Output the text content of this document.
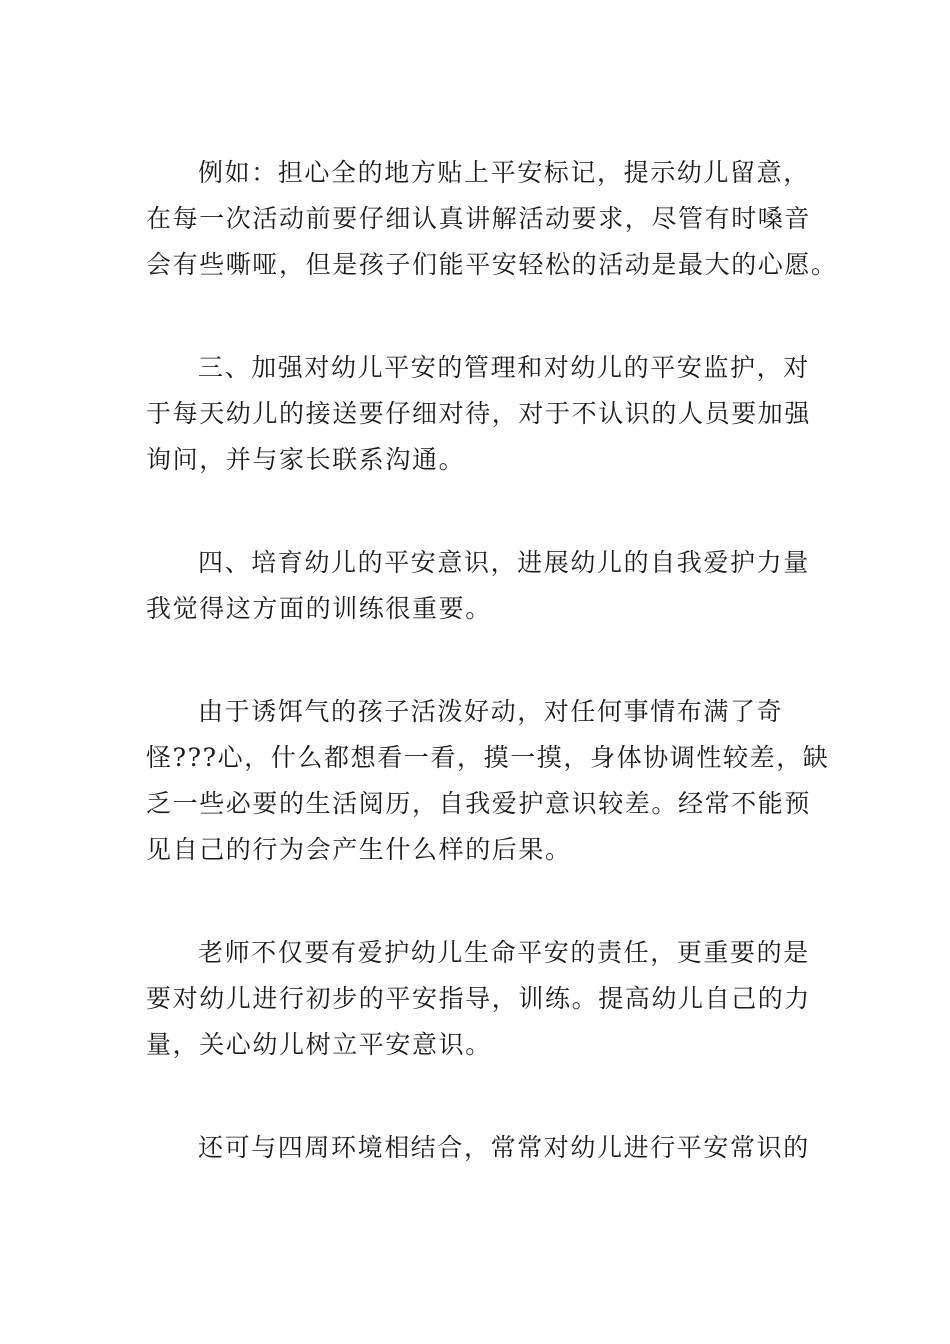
例如：担心全的地方贴上平安标记，提示幼儿留意，
在每一次活动前要仔细认真讲解活动要求，尽管有时嗓音
会有些嘶哑，但是孩子们能平安轻松的活动是最大的心愿。

三、加强对幼儿平安的管理和对幼儿的平安监护，对
于每天幼儿的接送要仔细对待，对于不认识的人员要加强
询问，并与家长联系沟通。

四、培育幼儿的平安意识，进展幼儿的自我爱护力量
我觉得这方面的训练很重要。

由于诱饵气的孩子活泼好动，对任何事情布满了奇
怪???心，什么都想看一看，摸一摸，身体协调性较差，缺
乏一些必要的生活阅历，自我爱护意识较差。经常不能预
见自己的行为会产生什么样的后果。

老师不仅要有爱护幼儿生命平安的责任，更重要的是
要对幼儿进行初步的平安指导，训练。提高幼儿自己的力
量，关心幼儿树立平安意识。

还可与四周环境相结合，常常对幼儿进行平安常识的
